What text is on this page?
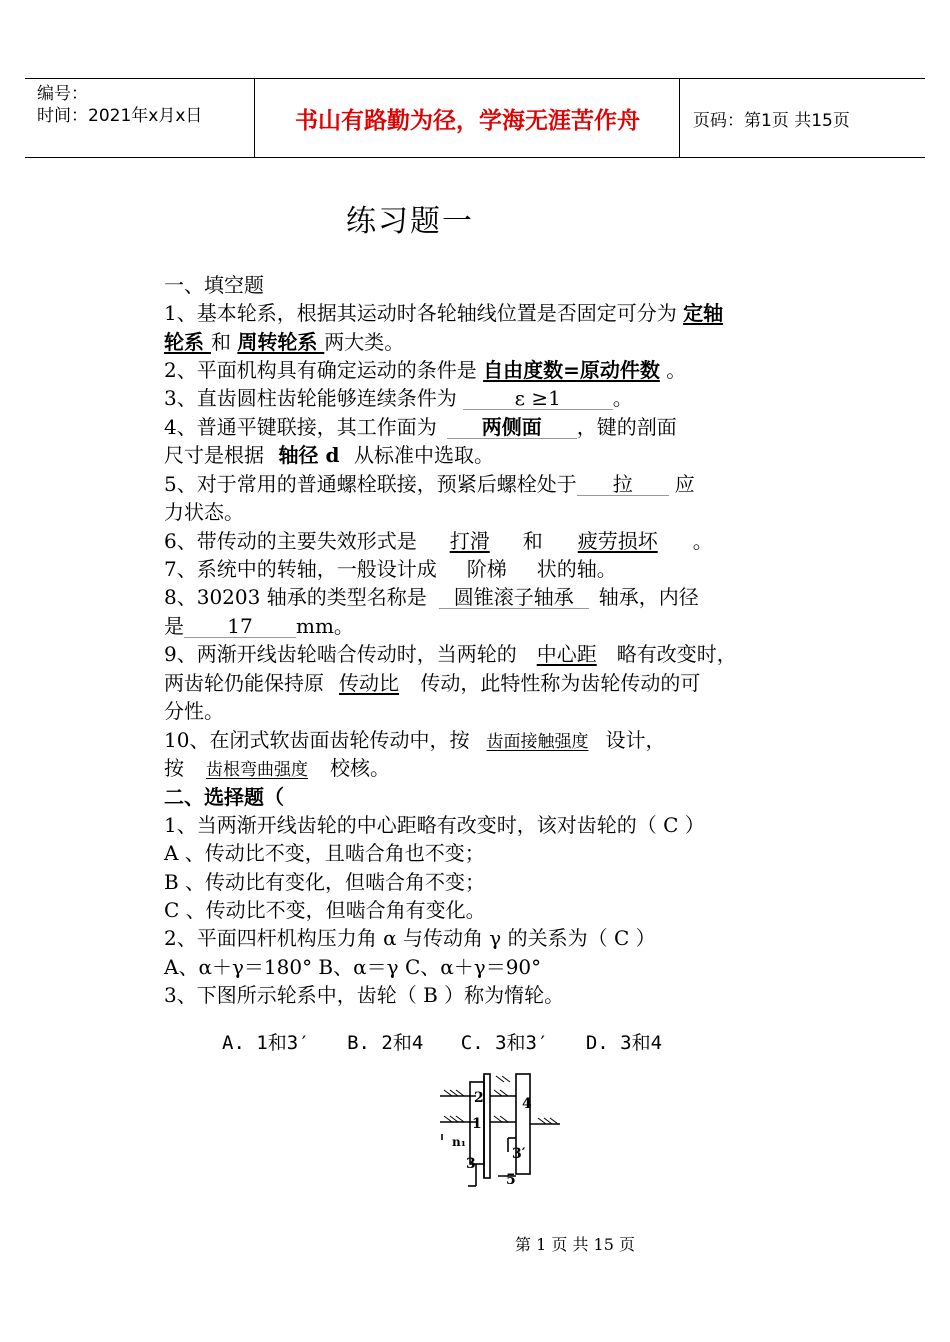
编号：
时间：2021年x月x日	书山有路勤为径，学海无涯苦作舟	页码：第1页 共15页
练习题一
一、填空题
1、基本轮系，根据其运动时各轮轴线位置是否固定可分为 定轴
轮系 和 周转轮系 两大类。
2、平面机构具有确定运动的条件是 自由度数=原动件数 。
3、直齿圆柱齿轮能够连续条件为	ε ≥1	。
4、普通平键联接，其工作面为 两侧面 ，键的剖面
尺寸是根据 轴径 d 从标准中选取。
5、对于常用的普通螺栓联接，预紧后螺栓处于 拉 应
力状态。
6、带传动的主要失效形式是 打滑 和 疲劳损坏 。
7、系统中的转轴，一般设计成 阶梯 状的轴。
8、30203 轴承的类型名称是 圆锥滚子轴承 轴承，内径
是 17 mm。
9、两渐开线齿轮啮合传动时，当两轮的 中心距 略有改变时，
两齿轮仍能保持原 传动比 传动，此特性称为齿轮传动的可
分性。
10、在闭式软齿面齿轮传动中，按 齿面接触强度 设计，
按 齿根弯曲强度 校核。
二、选择题（
1、当两渐开线齿轮的中心距略有改变时，该对齿轮的（ C ）
A 、传动比不变，且啮合角也不变；
B 、传动比有变化，但啮合角不变；
C 、传动比不变，但啮合角有变化。
2、平面四杆机构压力角 α 与传动角 γ 的关系为（ C ）
A、α＋γ＝180° B、α＝γ C、α＋γ＝90°
3、下图所示轮系中，齿轮（ B ）称为惰轮。
A. 1和3′ B. 2和4 C. 3和3′ D. 3和4
2
1
n₁
3
4
3′
5
第 1 页 共 15 页
